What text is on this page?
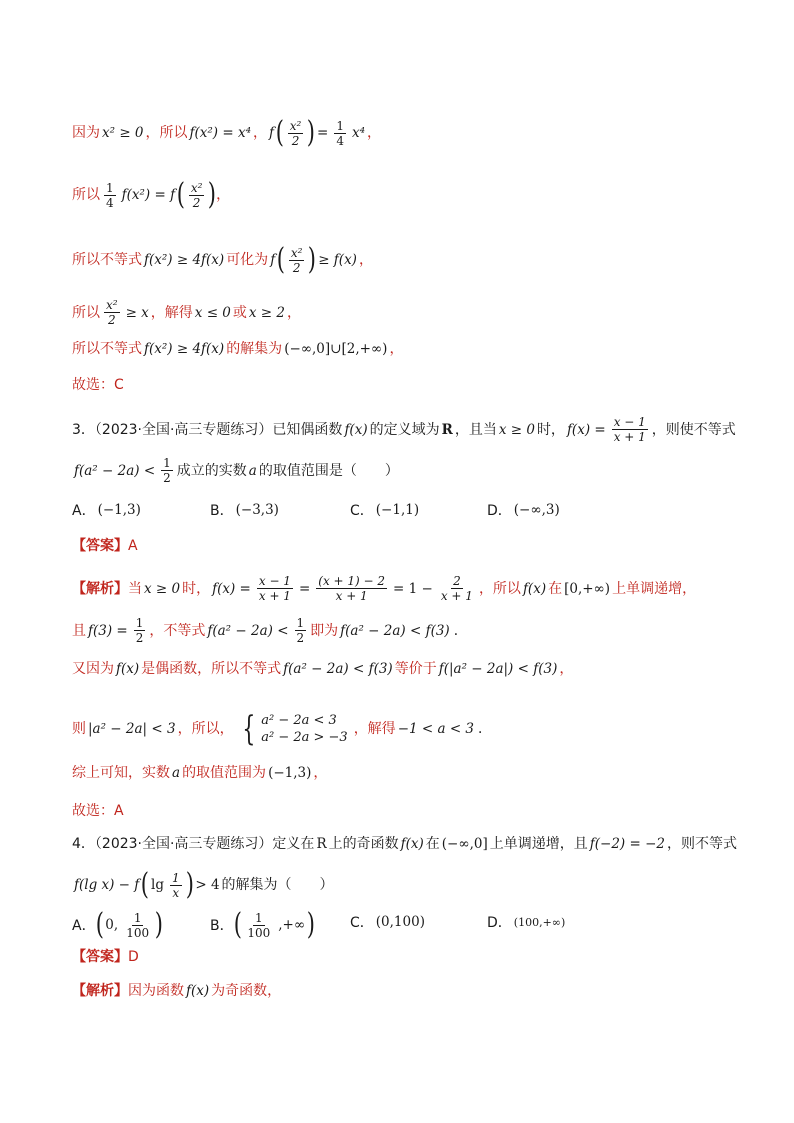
因为 x² ≥ 0 ，所以 f(x²) = x⁴ ， f ( $\frac{\text{x²}}{2}$ ) = $\frac{1}{4} x^4$ ，
所以 $\frac{1}{4} f(x^2) = f$ ( $\frac{\text{x²}}{2}$ ) ，
所以不等式 f(x²) ≥ 4f(x) 可化为 f ( $\frac{\text{x²}}{2}$ ) ≥ f(x) ，
所以 $\frac{\text{x²}}{2} \ge x$ ，解得 x ≤ 0 或 x ≥ 2 ，
所以不等式 f(x²) ≥ 4f(x) 的解集为 (−∞,0]∪[2,+∞) ，
故选：C
3．（2023·全国·高三专题练习）已知偶函数 f(x) 的定义域为 R ，且当 x ≥ 0 时， $f(x) = \frac{x - 1}{x + 1}$ ，则使不等式
$f(a^2 - 2a) < \frac{1}{2}$ 成立的实数 a 的取值范围是（　　）
A． (−1,3)	B． (−3,3)	C． (−1,1)	D． (−∞,3)
【答案】 A
【解析】 当 x ≥ 0 时， $f(x) = \frac{x - 1}{x + 1} = \frac{(x + 1) - 2}{x + 1} = 1 - \frac{2}{x + 1}$ ，所以 f(x) 在 [0,+∞) 上单调递增，
且 $f(3) = \frac{1}{2}$ ，不等式 $f(a^2 - 2a) < \frac{1}{2}$ 即为 f(a² − 2a) < f(3) .
又因为 f(x) 是偶函数，所以不等式 f(a² − 2a) < f(3) 等价于 f(|a² − 2a|) < f(3) ，
则 |a² − 2a| < 3 ，所以， { a² − 2a < 3
a² − 2a > −3
，解得 −1 < a < 3 .
综上可知，实数 a 的取值范围为 (−1,3) ，
故选：A
4．（2023·全国·高三专题练习）定义在 R 上的奇函数 f(x) 在 (−∞,0] 上单调递增，且 f(−2) = −2 ，则不等式
f(lg x) − f ( $\lg \frac{1}{x}$ ) > 4 的解集为（　　）
A． ( 0, $\frac{1}{100}$ )	B． ( $\frac{1}{100}$ ,+∞ ) C． (0,100)	D． (100,+∞)
【答案】 D
【解析】 因为函数 f(x) 为奇函数，
